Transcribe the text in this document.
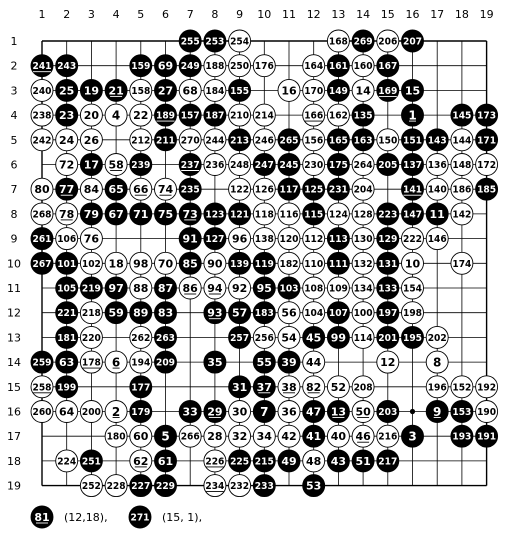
1 2 3 4 5 6 7 8 9 10 11 12 13 14 15 16 17 18 19
1
2
3
4
5
6
7
8
9
10
11
12
13
14
15
16
17
18
19
255 253 254	168 269 206 207
241 243	159 69 249 188 250 176	164 161 160 167
240 25 19 21 158 27 68 184 155	16 170 149 14 169 15
238 23 20 4 22 189 157 187 210 214	166 162 135	1	145 173
242 24 26	212 211 270 244 213 246 265 156 165 163 150 151 143 144 171
72 17 58 239	237 236 248 247 245 230 175 264 205 137 136 148 172
80 77 84 65 66 74 235	122 126 117 125 231 204	141 140 186 185
268 78 79 67 71 75 73 123 121 118 116 115 124 128 223 147 11 142
261 106 76	91 127 96 138 120 112 113 130 129 222 146
267 101 102 18 98 70 85 90 139 119 182 110 111 132 131 10	174
105 219 97 88 87 86 94 92 95 103 108 109 134 133 154
221 218 59 89 83	93 57 183 56 104 107 100 197 198
181 220	262 263	257 256 54 45 99 114 201 195 202
259 63 178 6 194 209	35	55 39 44	12	8
258 199	177	31 37 38 82 52 208	196 152 192
260 64 200 2 179	33 29 30 7 36 47 13 50 203	9 153 190
180 60 5 266 28 32 34 42 41 40 46 216 3	193 191
224 251	62 61	226 225 215 49 48 43 51 217
252 228 227 229	234 232 233	53
81 (12,18), 271 (15, 1),
